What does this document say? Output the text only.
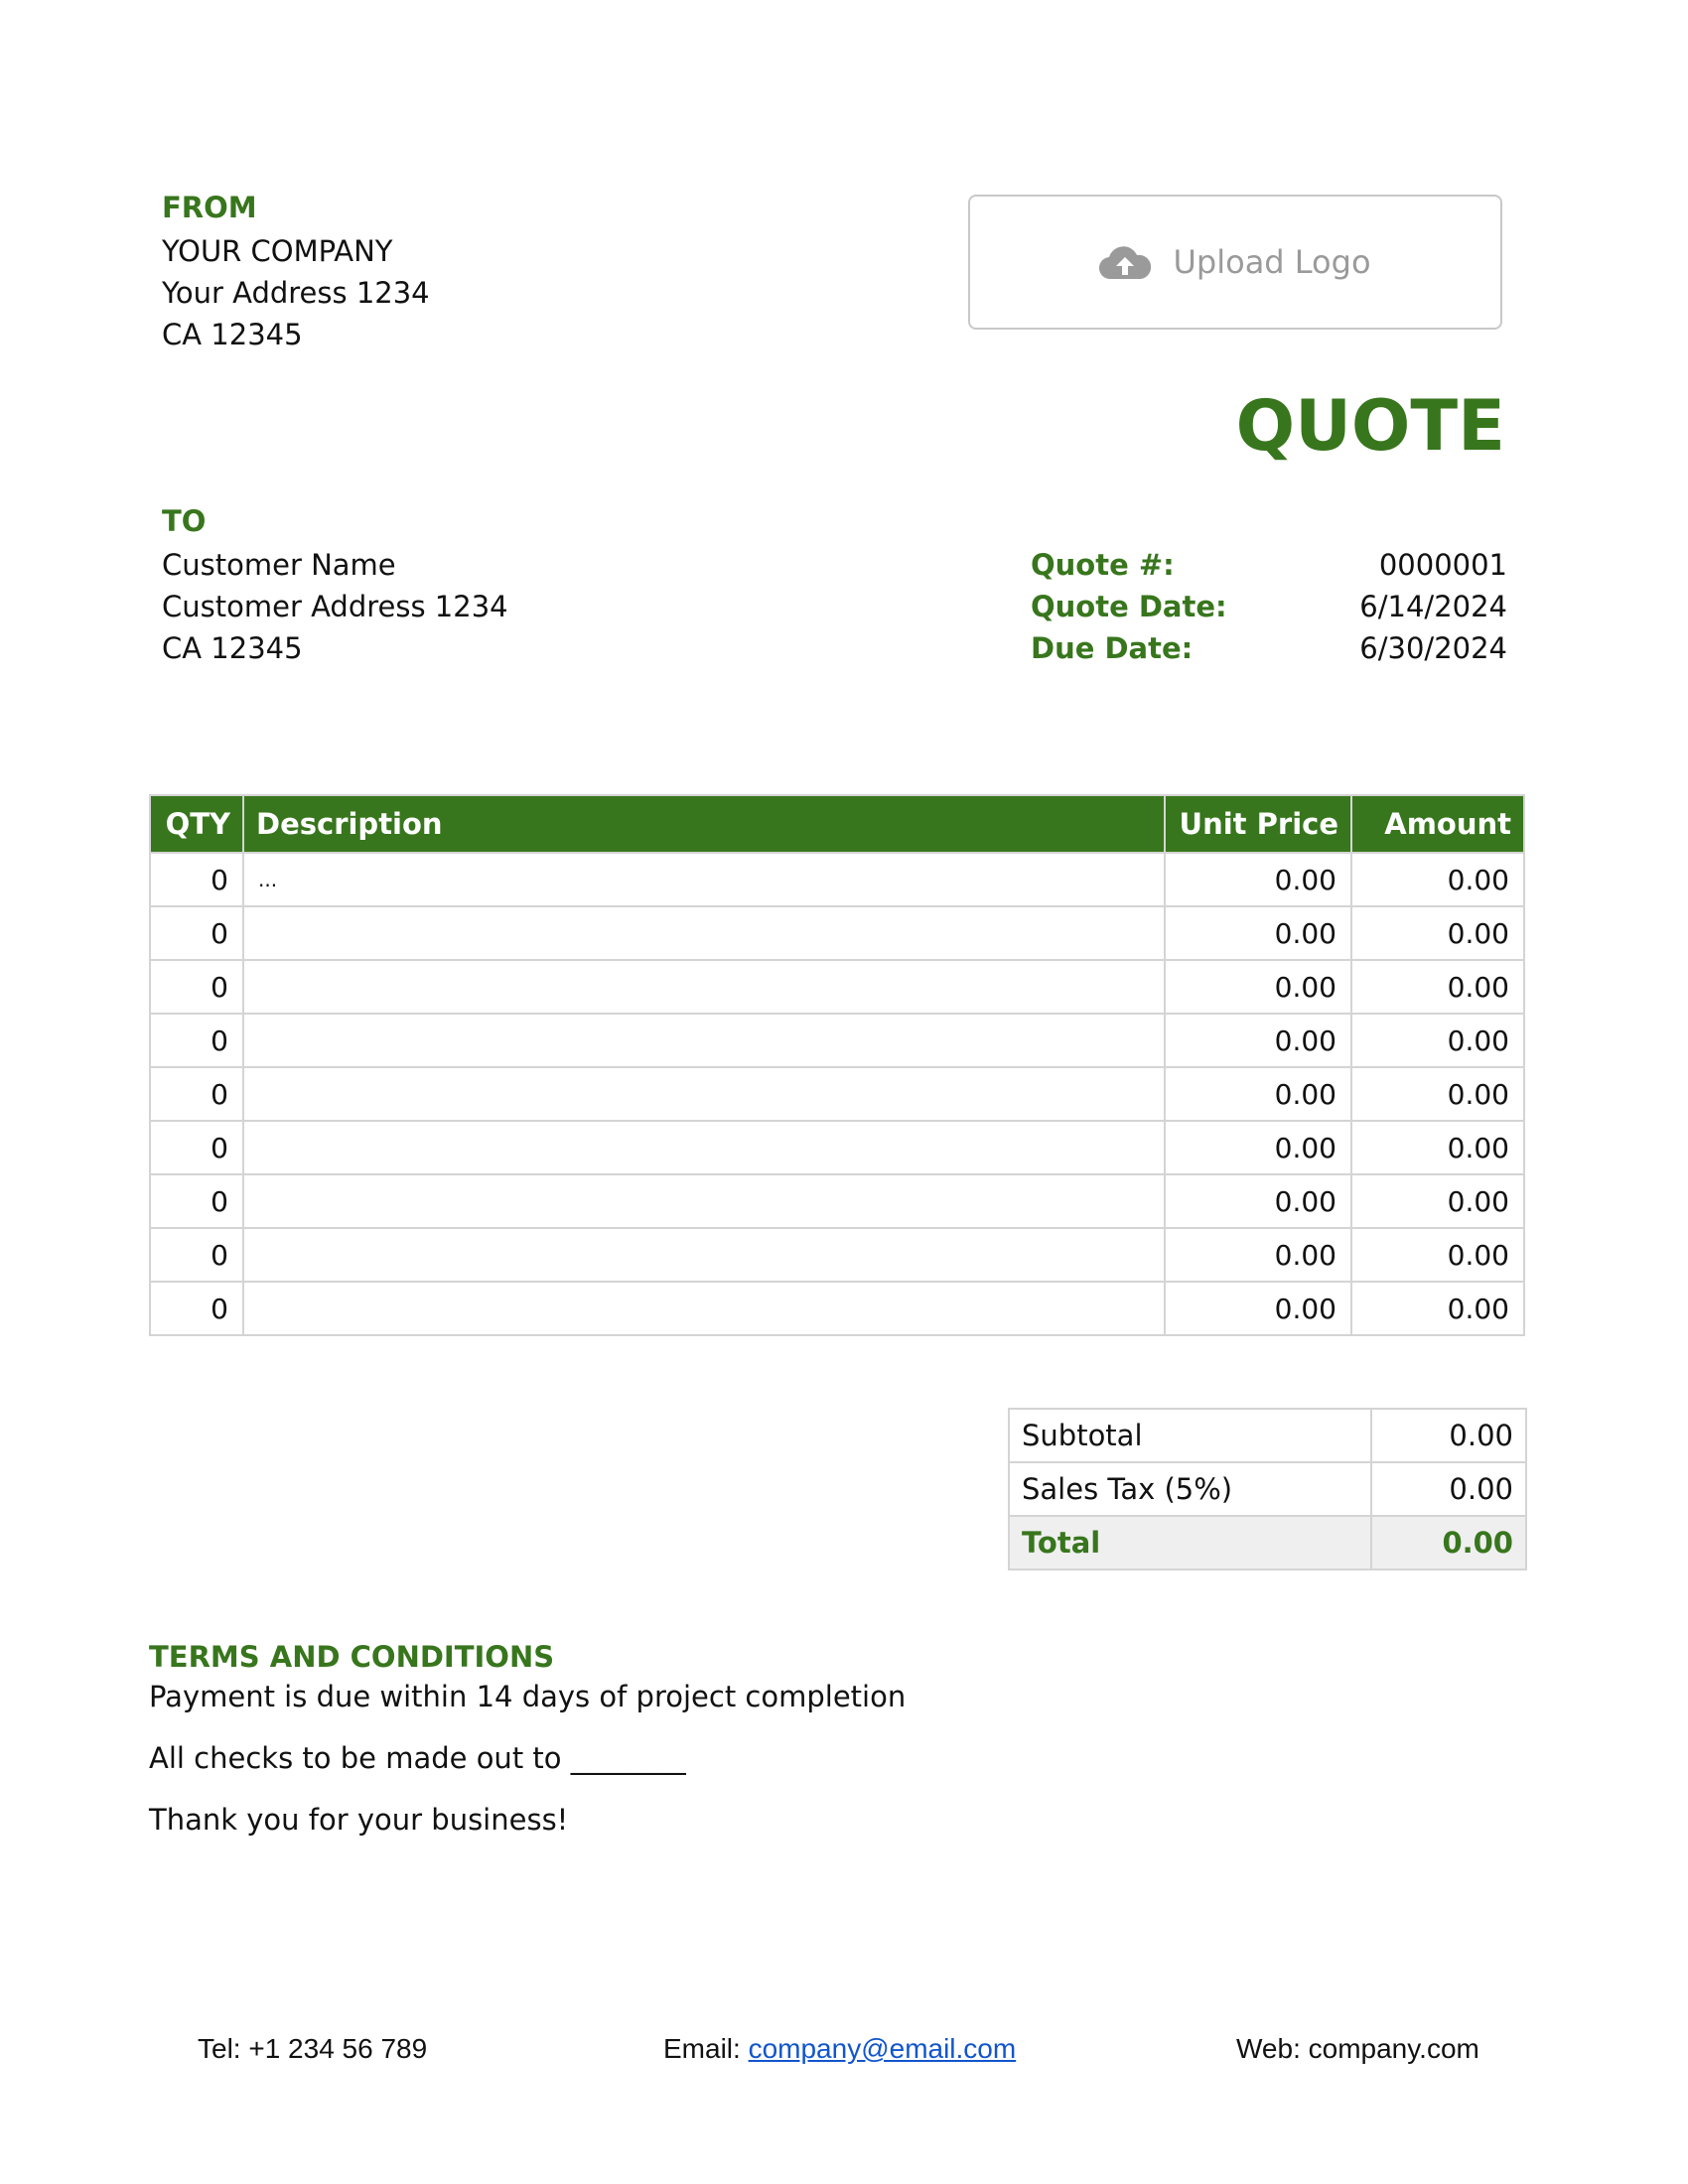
FROM
YOUR COMPANY
Your Address 1234
CA 12345
Upload Logo
QUOTE
TO
Customer Name
Customer Address 1234
CA 12345
Quote #:	0000001
Quote Date:	6/14/2024
Due Date:	6/30/2024
QTY	Description	Unit Price	Amount
0	...	0.00	0.00
0		0.00	0.00
0		0.00	0.00
0		0.00	0.00
0		0.00	0.00
0		0.00	0.00
0		0.00	0.00
0		0.00	0.00
0		0.00	0.00
Subtotal	0.00
Sales Tax (5%)	0.00
Total	0.00
TERMS AND CONDITIONS
Payment is due within 14 days of project completion
All checks to be made out to ________
Thank you for your business!
Tel: +1 234 56 789	Email: company@email.com	Web: company.com
